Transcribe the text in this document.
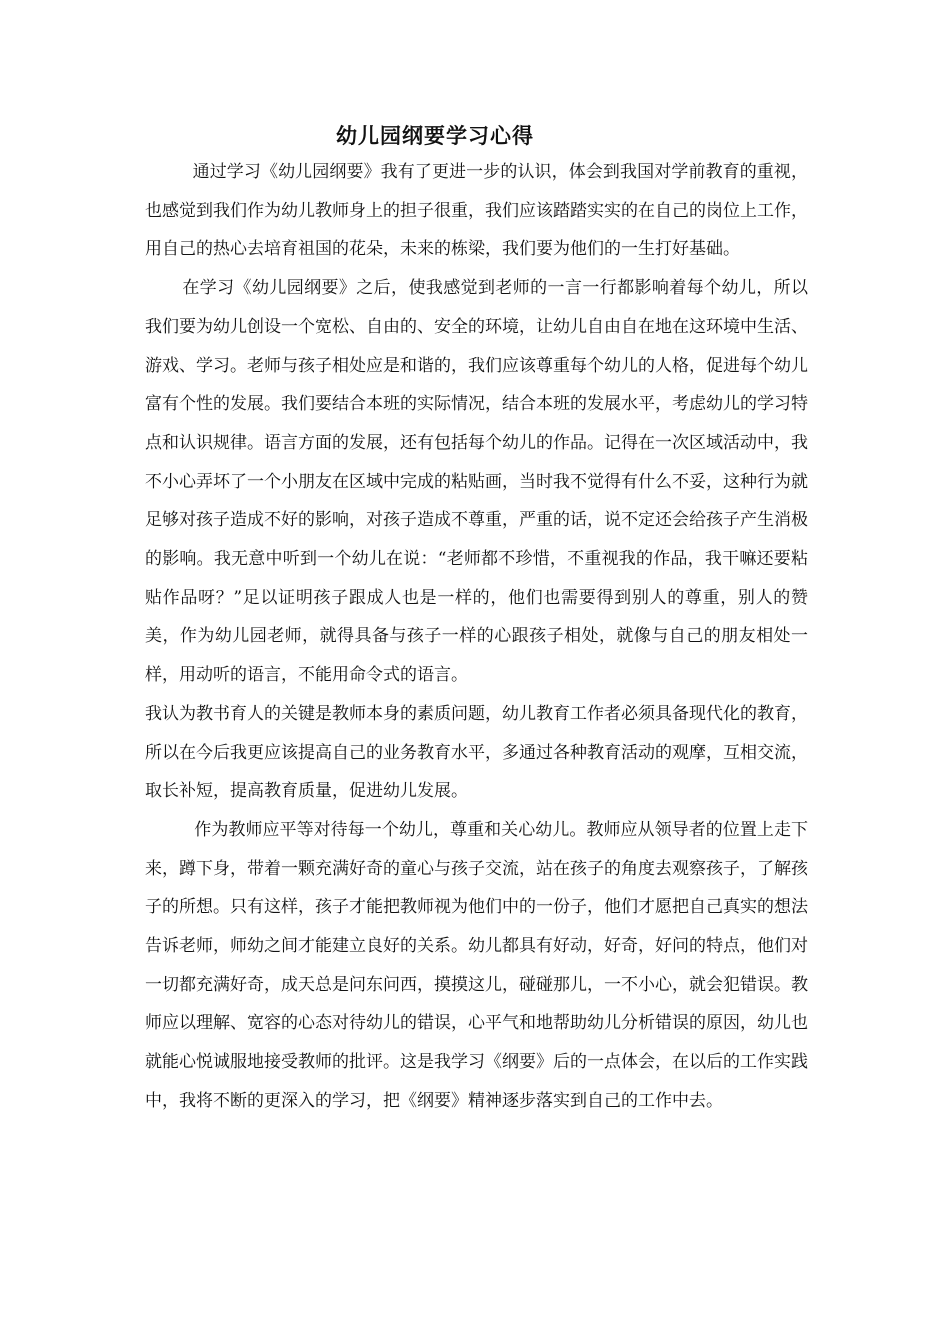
幼儿园纲要学习心得

通过学习《幼儿园纲要》我有了更进一步的认识，体会到我国对学前教育的重视，也感觉到我们作为幼儿教师身上的担子很重，我们应该踏踏实实的在自己的岗位上工作，用自己的热心去培育祖国的花朵，未来的栋梁，我们要为他们的一生打好基础。

在学习《幼儿园纲要》之后，使我感觉到老师的一言一行都影响着每个幼儿，所以我们要为幼儿创设一个宽松、自由的、安全的环境，让幼儿自由自在地在这环境中生活、游戏、学习。老师与孩子相处应是和谐的，我们应该尊重每个幼儿的人格，促进每个幼儿富有个性的发展。我们要结合本班的实际情况，结合本班的发展水平，考虑幼儿的学习特点和认识规律。语言方面的发展，还有包括每个幼儿的作品。记得在一次区域活动中，我不小心弄坏了一个小朋友在区域中完成的粘贴画，当时我不觉得有什么不妥，这种行为就足够对孩子造成不好的影响，对孩子造成不尊重，严重的话，说不定还会给孩子产生消极的影响。我无意中听到一个幼儿在说：“老师都不珍惜，不重视我的作品，我干嘛还要粘贴作品呀？”足以证明孩子跟成人也是一样的，他们也需要得到别人的尊重，别人的赞美，作为幼儿园老师，就得具备与孩子一样的心跟孩子相处，就像与自己的朋友相处一样，用动听的语言，不能用命令式的语言。

我认为教书育人的关键是教师本身的素质问题，幼儿教育工作者必须具备现代化的教育，所以在今后我更应该提高自己的业务教育水平，多通过各种教育活动的观摩，互相交流，取长补短，提高教育质量，促进幼儿发展。

作为教师应平等对待每一个幼儿，尊重和关心幼儿。教师应从领导者的位置上走下来，蹲下身，带着一颗充满好奇的童心与孩子交流，站在孩子的角度去观察孩子，了解孩子的所想。只有这样，孩子才能把教师视为他们中的一份子，他们才愿把自己真实的想法告诉老师，师幼之间才能建立良好的关系。幼儿都具有好动，好奇，好问的特点，他们对一切都充满好奇，成天总是问东问西，摸摸这儿，碰碰那儿，一不小心，就会犯错误。教师应以理解、宽容的心态对待幼儿的错误，心平气和地帮助幼儿分析错误的原因，幼儿也就能心悦诚服地接受教师的批评。这是我学习《纲要》后的一点体会，在以后的工作实践中，我将不断的更深入的学习，把《纲要》精神逐步落实到自己的工作中去。
